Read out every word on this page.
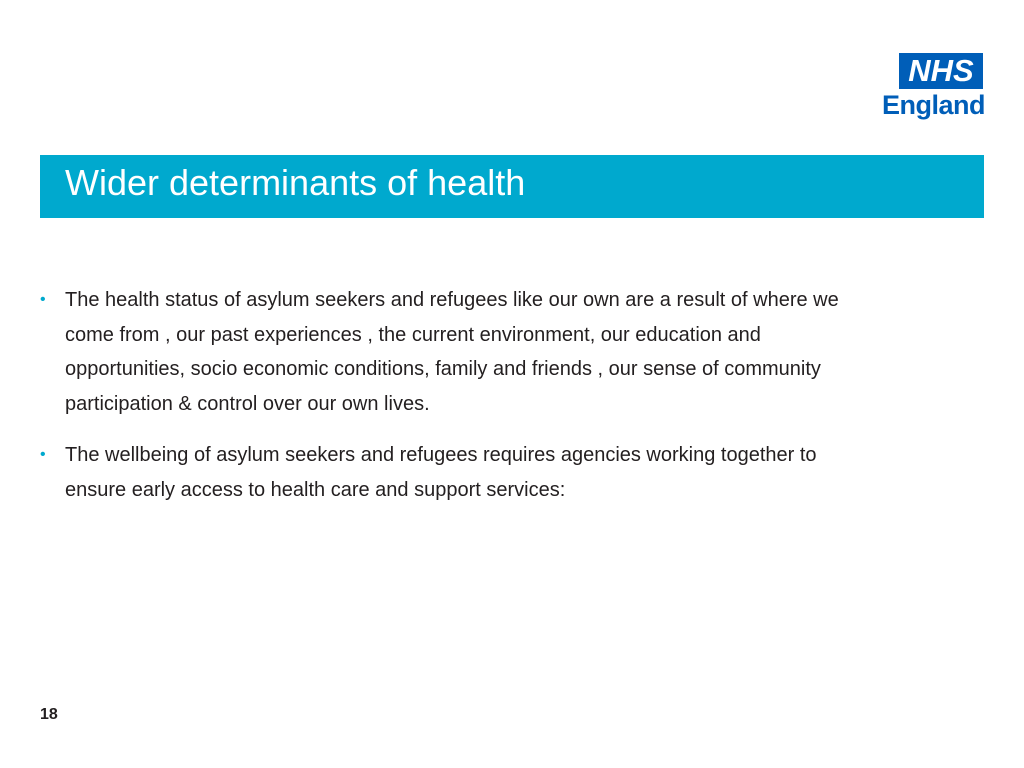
NHS
England
Wider determinants of health
• The health status of asylum seekers and refugees like our own are a result of where we come from , our past experiences , the current environment, our education and opportunities, socio economic conditions, family and friends , our sense of community participation & control over our own lives.
• The wellbeing of asylum seekers and refugees requires agencies working together to ensure early access to health care and support services:
18
